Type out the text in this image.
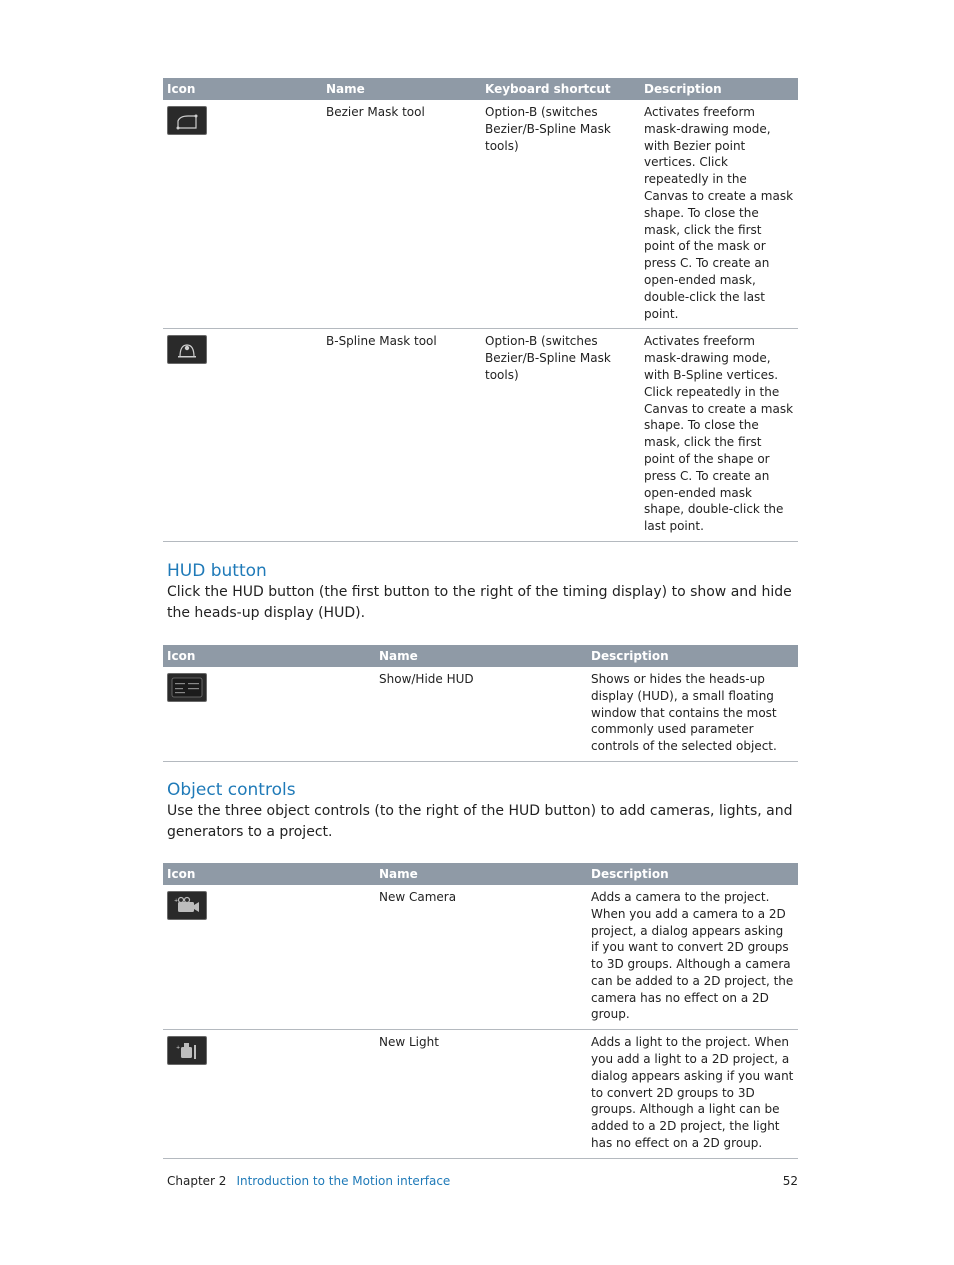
Icon	Name	Keyboard shortcut	Description

	Bezier Mask tool	Option-B (switches Bezier/B-Spline Mask tools)	Activates freeform mask-drawing mode, with Bezier point vertices. Click repeatedly in the Canvas to create a mask shape. To close the mask, click the first point of the mask or press C. To create an open-ended mask, double-click the last point.

	B-Spline Mask tool	Option-B (switches Bezier/B-Spline Mask tools)	Activates freeform mask-drawing mode, with B-Spline vertices. Click repeatedly in the Canvas to create a mask shape. To close the mask, click the first point of the shape or press C. To create an open-ended mask shape, double-click the last point.
HUD button

Click the HUD button (the first button to the right of the timing display) to show and hide the heads-up display (HUD).

Icon	Name	Description

	Show/Hide HUD	Shows or hides the heads-up display (HUD), a small floating window that contains the most commonly used parameter controls of the selected object.
Object controls

Use the three object controls (to the right of the HUD button) to add cameras, lights, and generators to a project.

Icon	Name	Description

+	New Camera	Adds a camera to the project. When you add a camera to a 2D project, a dialog appears asking if you want to convert 2D groups to 3D groups. Although a camera can be added to a 2D project, the camera has no effect on a 2D group.

+	New Light	Adds a light to the project. When you add a light to a 2D project, a dialog appears asking if you want to convert 2D groups to 3D groups. Although a light can be added to a 2D project, the light has no effect on a 2D group.
Chapter 2 Introduction to the Motion interface	52
